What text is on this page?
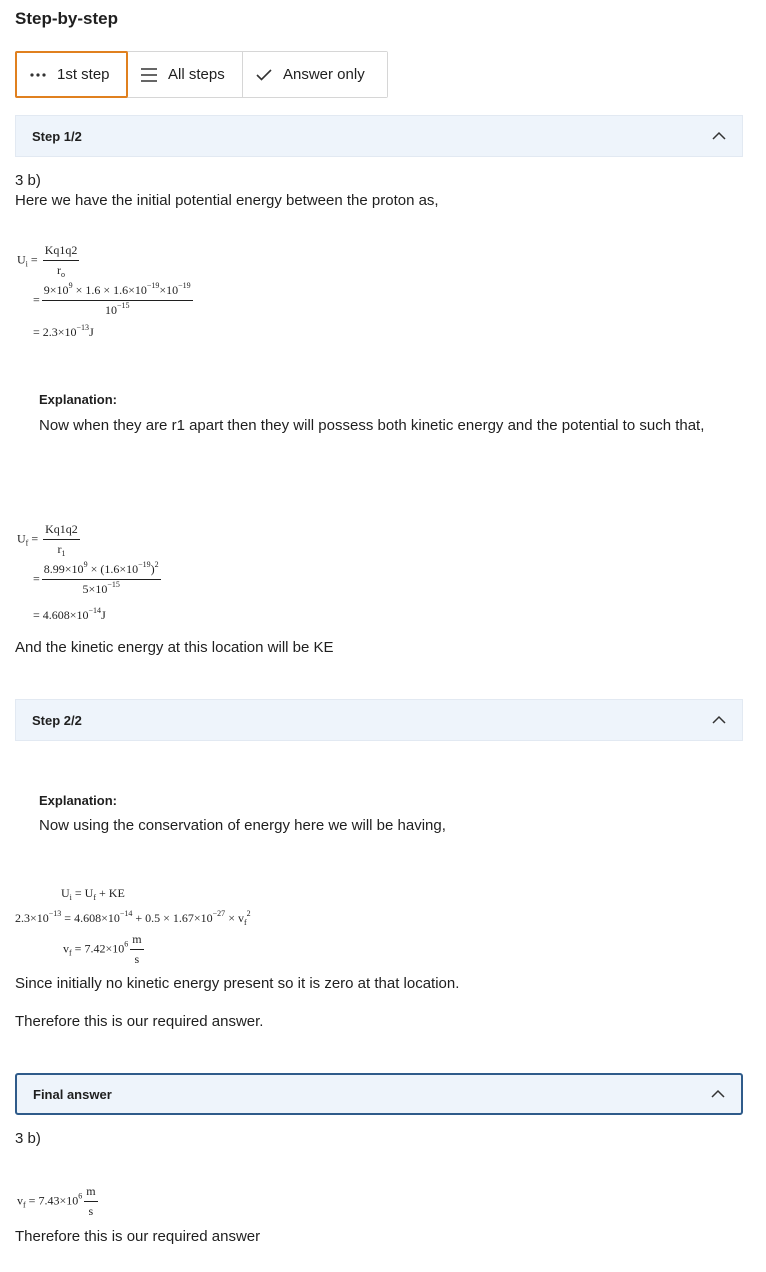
Step-by-step
1st step	All steps	Answer only
Step 1/2
3 b)
Here we have the initial potential energy between the proton as,
$U_i = \frac{Kq1q2}{r_o}$
= $\frac{9\times 10^9 \times 1.6 \times 1.6\times 10^{-19}\times 10^{-19}}{10^{-15}}$
= $2.3\times 10^{-13}J$
Explanation:
Now when they are r1 apart then they will possess both kinetic energy and the potential to such that,
$U_f = \frac{Kq1q2}{r_1}$
= $\frac{8.99\times 10^9 \times (1.6\times 10^{-19})^2}{5\times 10^{-15}}$
= $4.608\times 10^{-14}J$
And the kinetic energy at this location will be KE
Step 2/2
Explanation:
Now using the conservation of energy here we will be having,
$U_i = U_f$ + KE
$2.3\times 10^{-13} = 4.608\times 10^{-14} + 0.5 \times 1.67\times 10^{-27} \times v_f^2$
$v_f = 7.42\times 10^6 \frac{m}{s}$
Since initially no kinetic energy present so it is zero at that location.
Therefore this is our required answer.
Final answer
3 b)
$v_f = 7.43\times 10^6 \frac{m}{s}$
Therefore this is our required answer
